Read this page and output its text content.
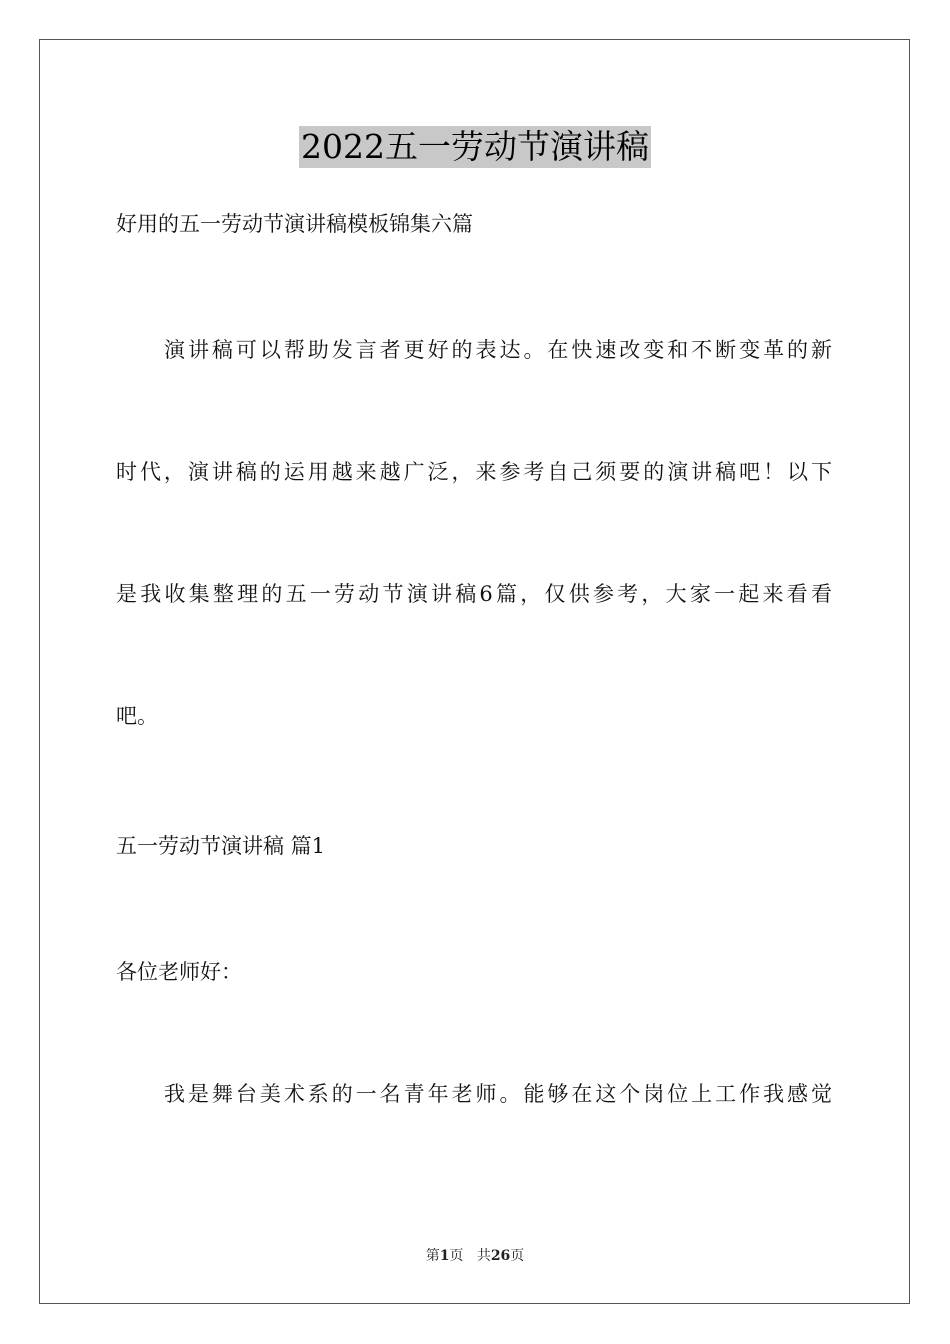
2022五一劳动节演讲稿
好用的五一劳动节演讲稿模板锦集六篇
演讲稿可以帮助发言者更好的表达。在快速改变和不断变革的新
时代，演讲稿的运用越来越广泛，来参考自己须要的演讲稿吧！以下
是我收集整理的五一劳动节演讲稿6篇，仅供参考，大家一起来看看
吧。
五一劳动节演讲稿 篇1
各位老师好：
我是舞台美术系的一名青年老师。能够在这个岗位上工作我感觉
第1页 共26页
